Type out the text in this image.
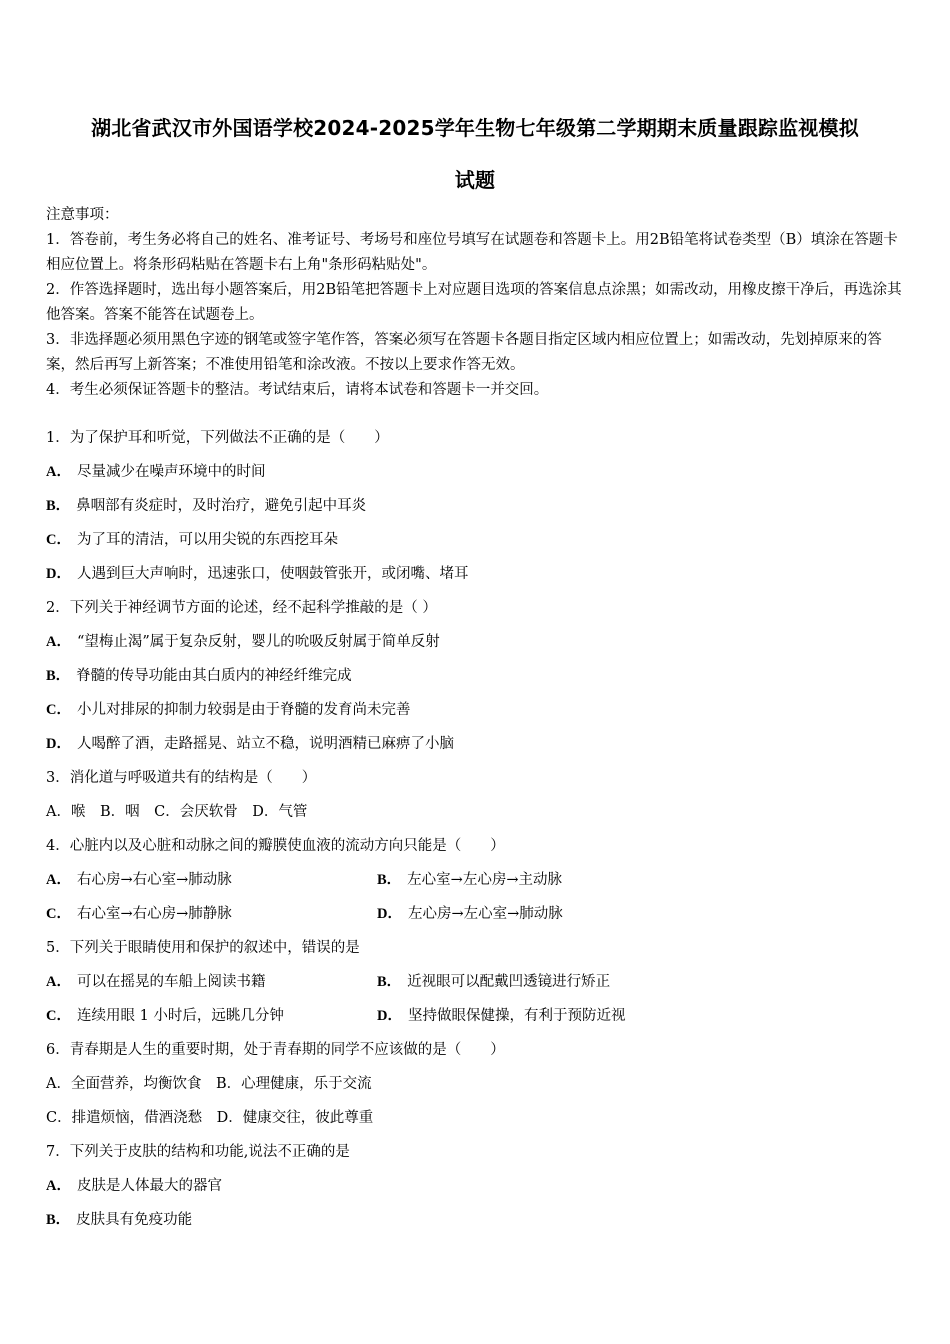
湖北省武汉市外国语学校2024-2025学年生物七年级第二学期期末质量跟踪监视模拟
试题
注意事项：
1．答卷前，考生务必将自己的姓名、准考证号、考场号和座位号填写在试题卷和答题卡上。用2B铅笔将试卷类型（B）填涂在答题卡相应位置上。将条形码粘贴在答题卡右上角"条形码粘贴处"。
2．作答选择题时，选出每小题答案后，用2B铅笔把答题卡上对应题目选项的答案信息点涂黑；如需改动，用橡皮擦干净后，再选涂其他答案。答案不能答在试题卷上。
3．非选择题必须用黑色字迹的钢笔或签字笔作答，答案必须写在答题卡各题目指定区域内相应位置上；如需改动，先划掉原来的答案，然后再写上新答案；不准使用铅笔和涂改液。不按以上要求作答无效。
4．考生必须保证答题卡的整洁。考试结束后，请将本试卷和答题卡一并交回。
1．为了保护耳和听觉，下列做法不正确的是（　　）
A． 尽量减少在噪声环境中的时间
B． 鼻咽部有炎症时，及时治疗，避免引起中耳炎
C． 为了耳的清洁，可以用尖锐的东西挖耳朵
D． 人遇到巨大声响时，迅速张口，使咽鼓管张开，或闭嘴、堵耳
2．下列关于神经调节方面的论述，经不起科学推敲的是（ ）
A． “望梅止渴”属于复杂反射，婴儿的吮吸反射属于简单反射
B． 脊髓的传导功能由其白质内的神经纤维完成
C． 小儿对排尿的抑制力较弱是由于脊髓的发育尚未完善
D． 人喝醉了酒，走路摇晃、站立不稳，说明酒精已麻痹了小脑
3．消化道与呼吸道共有的结构是（　　）
A．喉　B．咽　C．会厌软骨　D．气管
4．心脏内以及心脏和动脉之间的瓣膜使血液的流动方向只能是（　　）
A． 右心房→右心室→肺动脉	B． 左心室→左心房→主动脉
C． 右心室→右心房→肺静脉	D． 左心房→左心室→肺动脉
5．下列关于眼睛使用和保护的叙述中，错误的是
A． 可以在摇晃的车船上阅读书籍	B． 近视眼可以配戴凹透镜进行矫正
C． 连续用眼 1 小时后，远眺几分钟	D． 坚持做眼保健操，有利于预防近视
6．青春期是人生的重要时期，处于青春期的同学不应该做的是（　　）
A．全面营养，均衡饮食　B．心理健康，乐于交流
C．排遣烦恼，借酒浇愁　D．健康交往，彼此尊重
7．下列关于皮肤的结构和功能,说法不正确的是
A． 皮肤是人体最大的器官
B． 皮肤具有免疫功能
